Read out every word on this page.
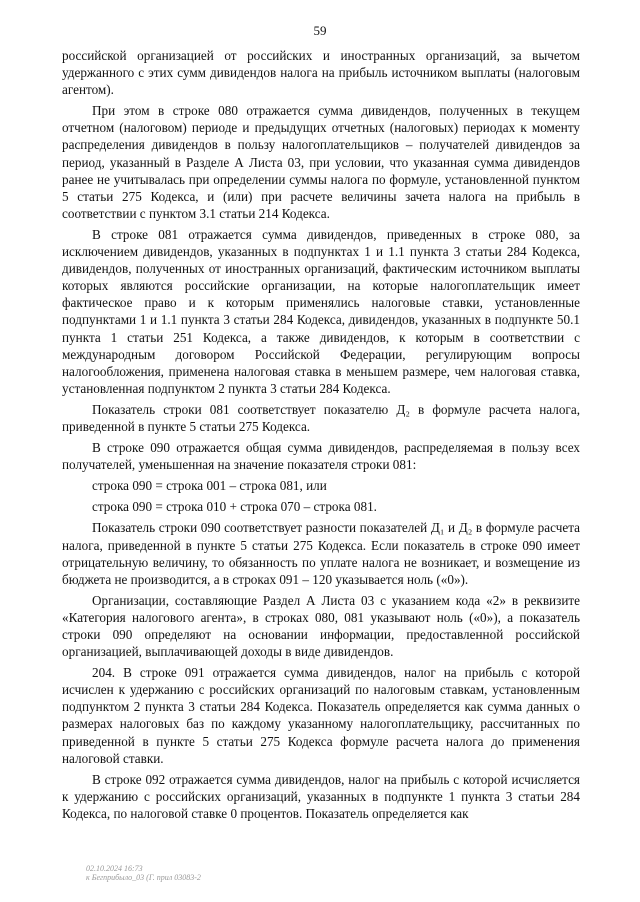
59

российской организацией от российских и иностранных организаций, за вычетом удержанного с этих сумм дивидендов налога на прибыль источником выплаты (налоговым агентом).

При этом в строке 080 отражается сумма дивидендов, полученных в текущем отчетном (налоговом) периоде и предыдущих отчетных (налоговых) периодах к моменту распределения дивидендов в пользу налогоплательщиков – получателей дивидендов за период, указанный в Разделе А Листа 03, при условии, что указанная сумма дивидендов ранее не учитывалась при определении суммы налога по формуле, установленной пунктом 5 статьи 275 Кодекса, и (или) при расчете величины зачета налога на прибыль в соответствии с пунктом 3.1 статьи 214 Кодекса.

В строке 081 отражается сумма дивидендов, приведенных в строке 080, за исключением дивидендов, указанных в подпунктах 1 и 1.1 пункта 3 статьи 284 Кодекса, дивидендов, полученных от иностранных организаций, фактическим источником выплаты которых являются российские организации, на которые налогоплательщик имеет фактическое право и к которым применялись налоговые ставки, установленные подпунктами 1 и 1.1 пункта 3 статьи 284 Кодекса, дивидендов, указанных в подпункте 50.1 пункта 1 статьи 251 Кодекса, а также дивидендов, к которым в соответствии с международным договором Российской Федерации, регулирующим вопросы налогообложения, применена налоговая ставка в меньшем размере, чем налоговая ставка, установленная подпунктом 2 пункта 3 статьи 284 Кодекса.

Показатель строки 081 соответствует показателю Д₂ в формуле расчета налога, приведенной в пункте 5 статьи 275 Кодекса.

В строке 090 отражается общая сумма дивидендов, распределяемая в пользу всех получателей, уменьшенная на значение показателя строки 081:

строка 090 = строка 001 – строка 081, или

строка 090 = строка 010 + строка 070 – строка 081.

Показатель строки 090 соответствует разности показателей Д₁ и Д₂ в формуле расчета налога, приведенной в пункте 5 статьи 275 Кодекса. Если показатель в строке 090 имеет отрицательную величину, то обязанность по уплате налога не возникает, и возмещение из бюджета не производится, а в строках 091 – 120 указывается ноль («0»).

Организации, составляющие Раздел А Листа 03 с указанием кода «2» в реквизите «Категория налогового агента», в строках 080, 081 указывают ноль («0»), а показатель строки 090 определяют на основании информации, предоставленной российской организацией, выплачивающей доходы в виде дивидендов.

204. В строке 091 отражается сумма дивидендов, налог на прибыль с которой исчислен к удержанию с российских организаций по налоговым ставкам, установленным подпунктом 2 пункта 3 статьи 284 Кодекса. Показатель определяется как сумма данных о размерах налоговых баз по каждому указанному налогоплательщику, рассчитанных по приведенной в пункте 5 статьи 275 Кодекса формуле расчета налога до применения налоговой ставки.

В строке 092 отражается сумма дивидендов, налог на прибыль с которой исчисляется к удержанию с российских организаций, указанных в подпункте 1 пункта 3 статьи 284 Кодекса, по налоговой ставке 0 процентов. Показатель определяется как

02.10.2024 16:73
к Бегприбыло_03 (Г. прил 03083-2
